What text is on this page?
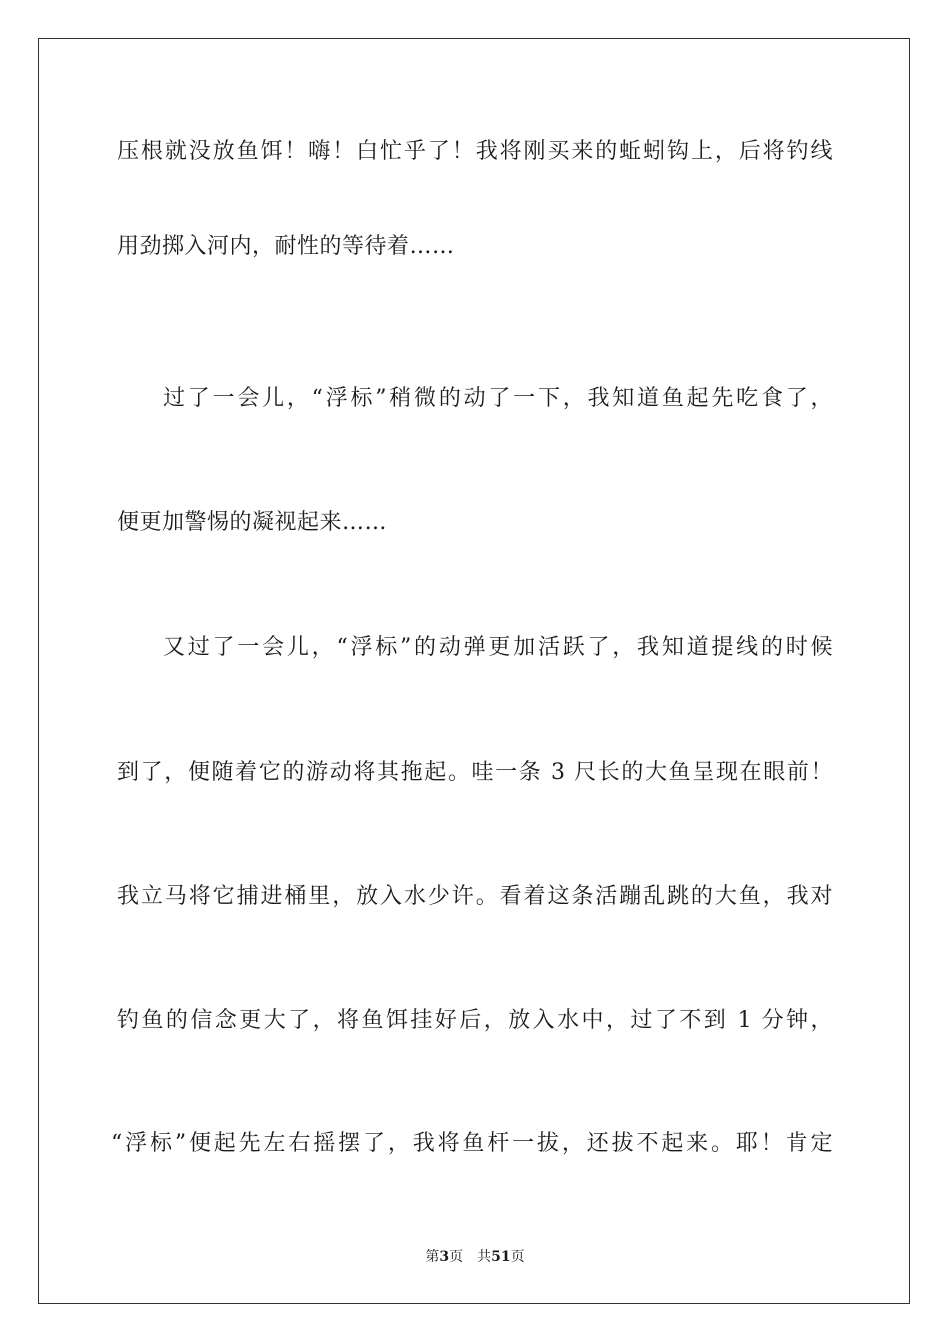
压根就没放鱼饵！嗨！白忙乎了！我将刚买来的蚯蚓钩上，后将钓线
用劲掷入河内，耐性的等待着……
过了一会儿，“浮标”稍微的动了一下，我知道鱼起先吃食了，
便更加警惕的凝视起来……
又过了一会儿，“浮标”的动弹更加活跃了，我知道提线的时候
到了，便随着它的游动将其拖起。哇一条 3 尺长的大鱼呈现在眼前！
我立马将它捕进桶里，放入水少许。看着这条活蹦乱跳的大鱼，我对
钓鱼的信念更大了，将鱼饵挂好后，放入水中，过了不到 1 分钟，
“浮标”便起先左右摇摆了，我将鱼杆一拔，还拔不起来。耶！肯定
第3页 共51页
